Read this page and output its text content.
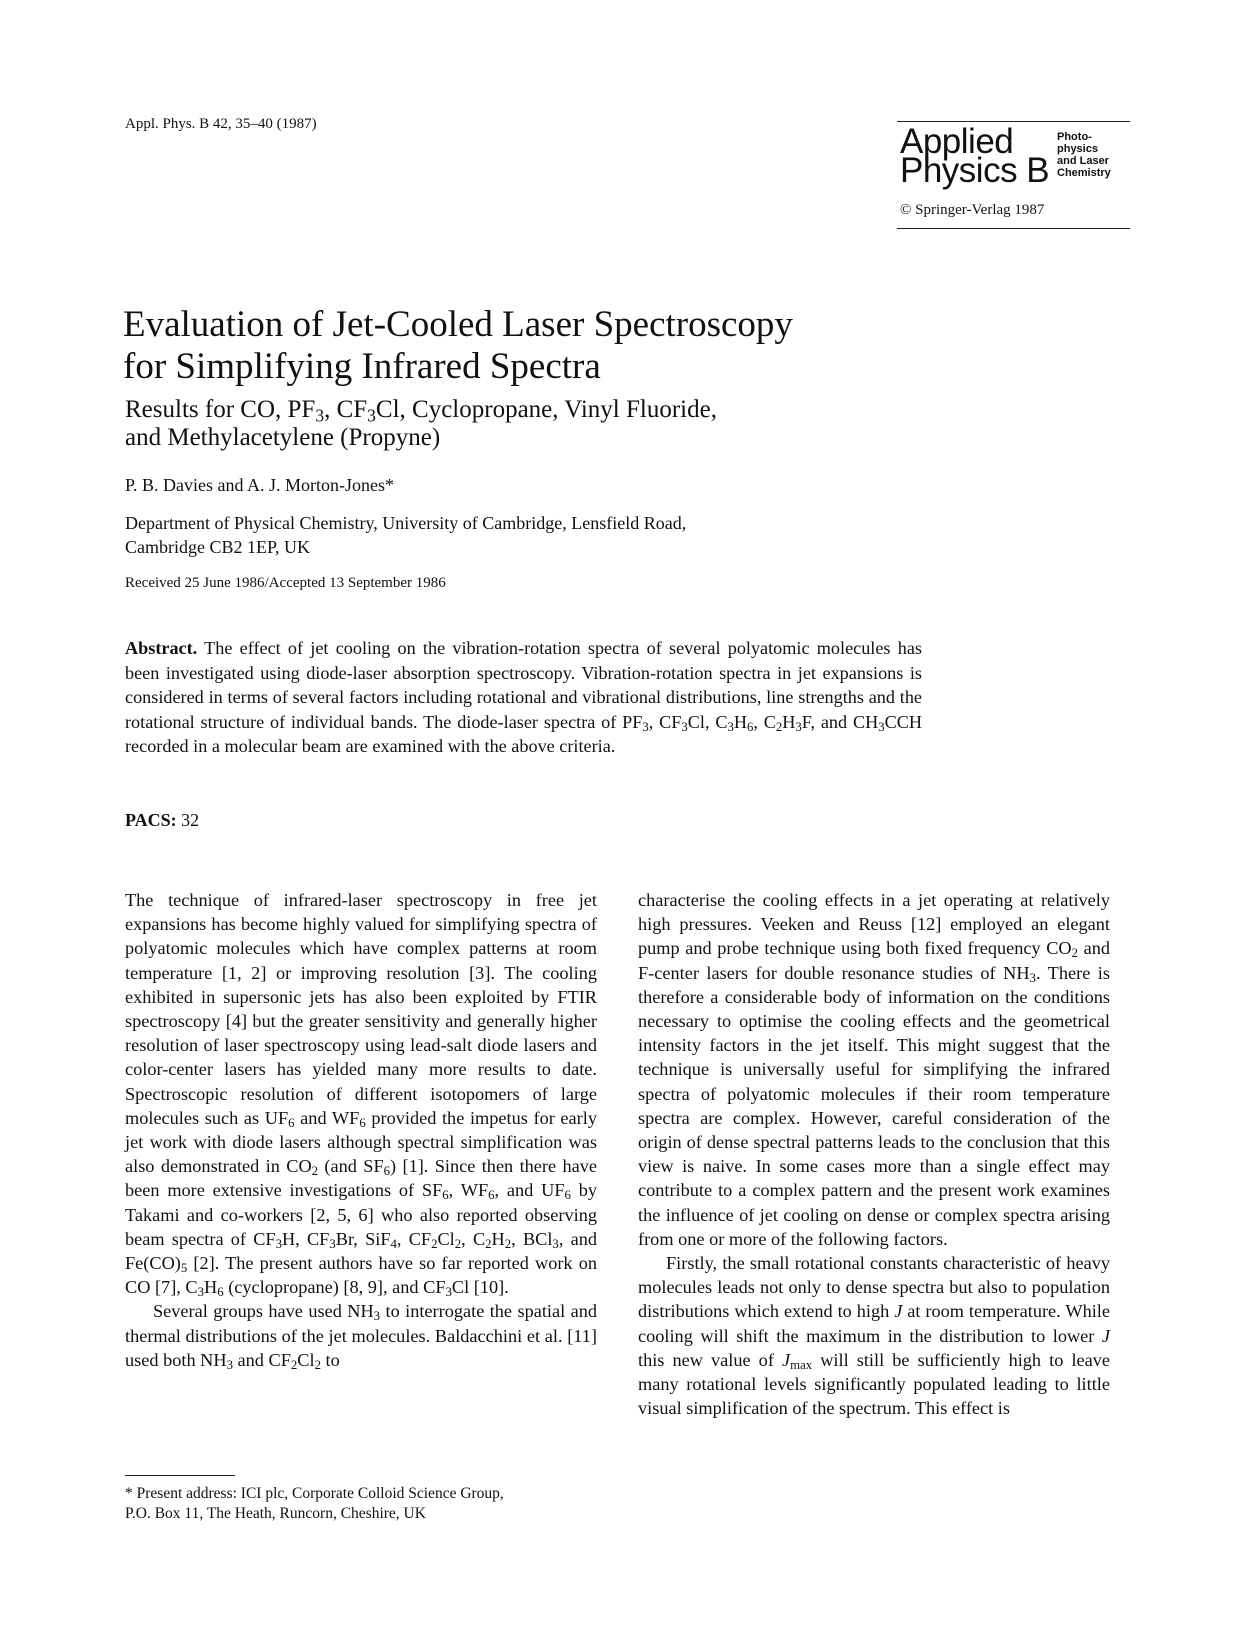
Appl. Phys. B 42, 35–40 (1987)	Applied
Physics B
Photo-
physics
and Laser
Chemistry
© Springer-Verlag 1987
Evaluation of Jet-Cooled Laser Spectroscopy
for Simplifying Infrared Spectra
Results for CO, $PF_3$, $CF_3Cl$, Cyclopropane, Vinyl Fluoride,
and Methylacetylene (Propyne)
P. B. Davies and A. J. Morton-Jones*
Department of Physical Chemistry, University of Cambridge, Lensfield Road,
Cambridge CB2 1EP, UK
Received 25 June 1986/Accepted 13 September 1986
Abstract. The effect of jet cooling on the vibration-rotation spectra of several polyatomic molecules has been investigated using diode-laser absorption spectroscopy. Vibration-rotation spectra in jet expansions is considered in terms of several factors including rotational and vibrational distributions, line strengths and the rotational structure of individual bands. The diode-laser spectra of $PF_3$, $CF_3Cl$, $C_3H_6$, $C_2H_3F$, and $CH_3CCH$ recorded in a molecular beam are examined with the above criteria.
PACS: 32

The technique of infrared-laser spectroscopy in free jet expansions has become highly valued for simplifying spectra of polyatomic molecules which have complex patterns at room temperature [1, 2] or improving resolution [3]. The cooling exhibited in supersonic jets has also been exploited by FTIR spectroscopy [4] but the greater sensitivity and generally higher resolution of laser spectroscopy using lead-salt diode lasers and color-center lasers has yielded many more results to date. Spectroscopic resolution of different isotopomers of large molecules such as $UF_6$ and $WF_6$ provided the impetus for early jet work with diode lasers although spectral simplification was also demonstrated in $CO_2$ (and $SF_6$) [1]. Since then there have been more extensive investigations of $SF_6$, $WF_6$, and $UF_6$ by Takami and co-workers [2, 5, 6] who also reported observing beam spectra of $CF_3H$, $CF_3Br$, SiF$_4$, $CF_2Cl_2$, $C_2H_2$, BCl$_3$, and $Fe(CO)_5$ [2]. The present authors have so far reported work on CO [7], $C_3H_6$ (cyclopropane) [8, 9], and $CF_3Cl$ [10].

Several groups have used $NH_3$ to interrogate the spatial and thermal distributions of the jet molecules. Baldacchini et al. [11] used both $NH_3$ and $CF_2Cl_2$ to

* Present address: ICI plc, Corporate Colloid Science Group,
P.O. Box 11, The Heath, Runcorn, Cheshire, UK

characterise the cooling effects in a jet operating at relatively high pressures. Veeken and Reuss [12] employed an elegant pump and probe technique using both fixed frequency $CO_2$ and F-center lasers for double resonance studies of $NH_3$. There is therefore a considerable body of information on the conditions necessary to optimise the cooling effects and the geometrical intensity factors in the jet itself. This might suggest that the technique is universally useful for simplifying the infrared spectra of polyatomic molecules if their room temperature spectra are complex. However, careful consideration of the origin of dense spectral patterns leads to the conclusion that this view is naive. In some cases more than a single effect may contribute to a complex pattern and the present work examines the influence of jet cooling on dense or complex spectra arising from one or more of the following factors.

Firstly, the small rotational constants characteristic of heavy molecules leads not only to dense spectra but also to population distributions which extend to high J at room temperature. While cooling will shift the maximum in the distribution to lower J this new value of $J_{max}$ will still be sufficiently high to leave many rotational levels significantly populated leading to little visual simplification of the spectrum. This effect is
